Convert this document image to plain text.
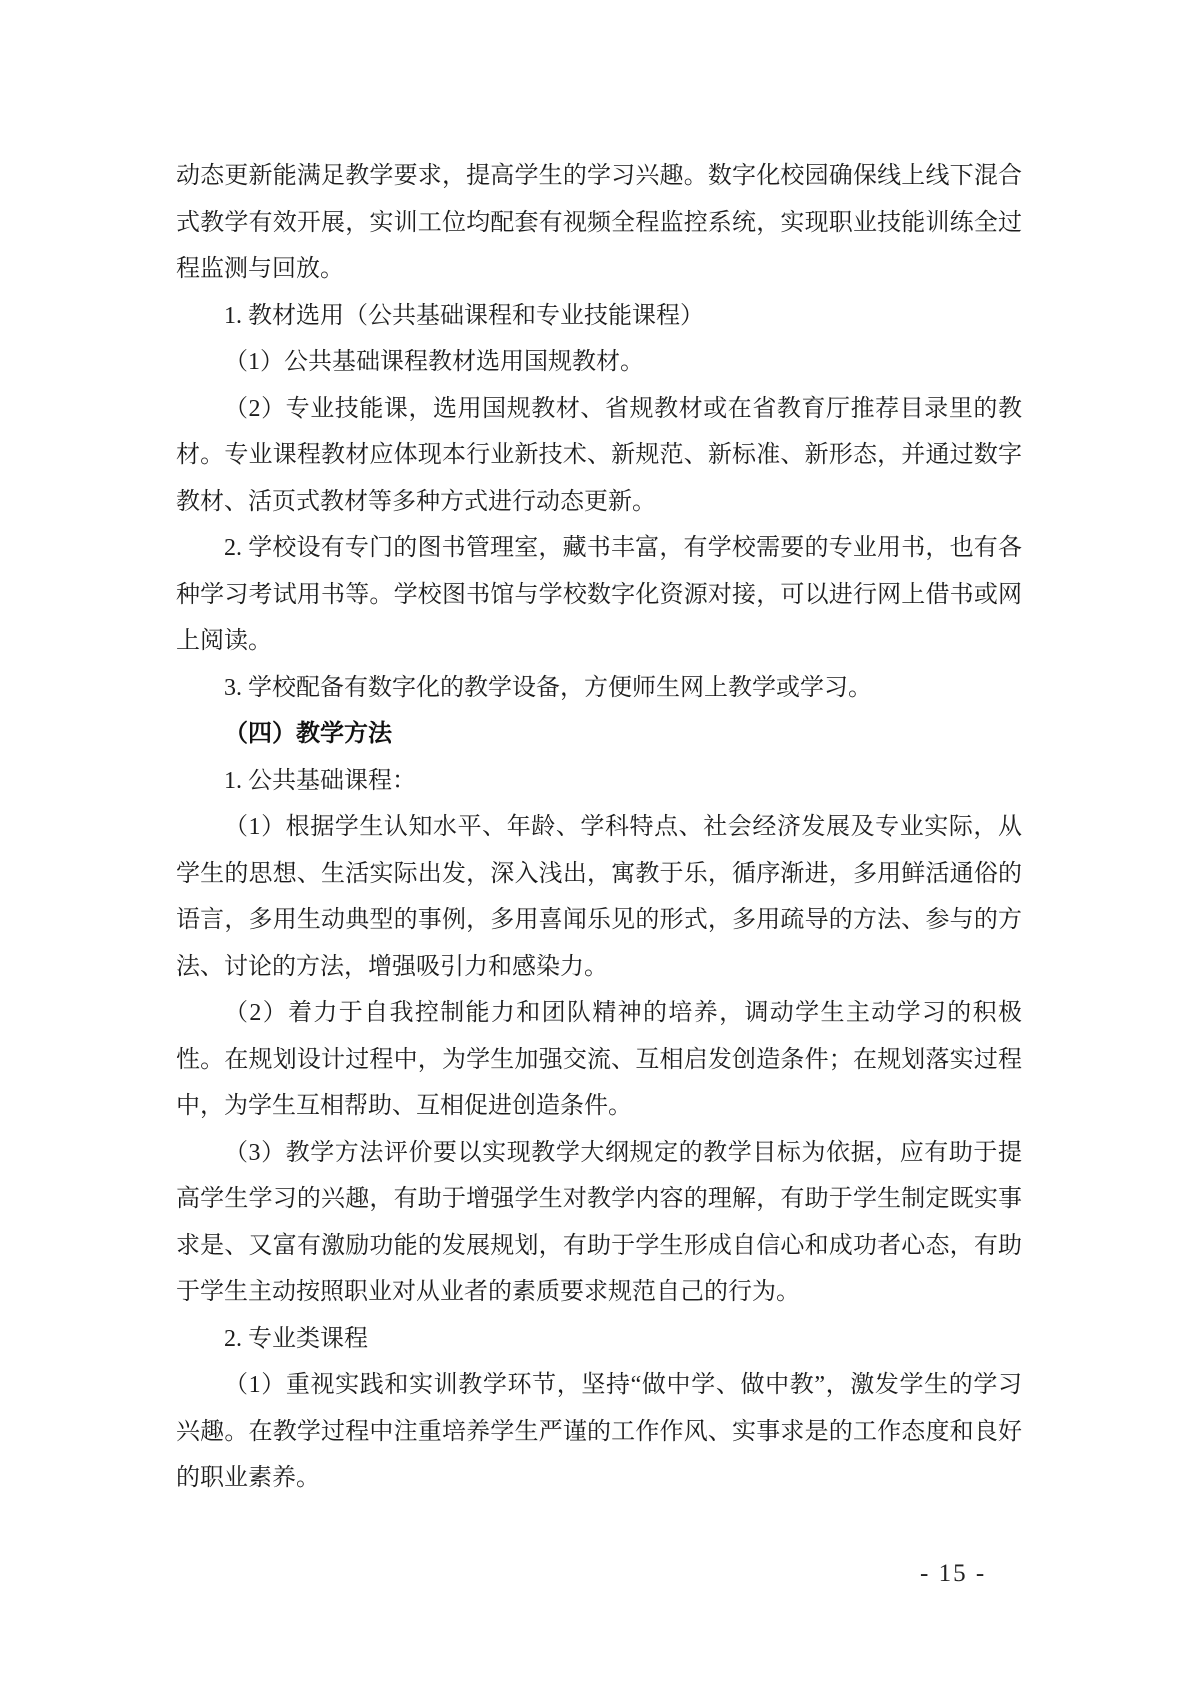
动态更新能满足教学要求，提高学生的学习兴趣。数字化校园确保线上线下混合式教学有效开展，实训工位均配套有视频全程监控系统，实现职业技能训练全过程监测与回放。

1. 教材选用（公共基础课程和专业技能课程）

（1）公共基础课程教材选用国规教材。

（2）专业技能课，选用国规教材、省规教材或在省教育厅推荐目录里的教材。专业课程教材应体现本行业新技术、新规范、新标准、新形态，并通过数字教材、活页式教材等多种方式进行动态更新。

2. 学校设有专门的图书管理室，藏书丰富，有学校需要的专业用书，也有各种学习考试用书等。学校图书馆与学校数字化资源对接，可以进行网上借书或网上阅读。

3. 学校配备有数字化的教学设备，方便师生网上教学或学习。

（四）教学方法

1. 公共基础课程：

（1）根据学生认知水平、年龄、学科特点、社会经济发展及专业实际，从学生的思想、生活实际出发，深入浅出，寓教于乐，循序渐进，多用鲜活通俗的语言，多用生动典型的事例，多用喜闻乐见的形式，多用疏导的方法、参与的方法、讨论的方法，增强吸引力和感染力。

（2）着力于自我控制能力和团队精神的培养，调动学生主动学习的积极性。在规划设计过程中，为学生加强交流、互相启发创造条件；在规划落实过程中，为学生互相帮助、互相促进创造条件。

（3）教学方法评价要以实现教学大纲规定的教学目标为依据，应有助于提高学生学习的兴趣，有助于增强学生对教学内容的理解，有助于学生制定既实事求是、又富有激励功能的发展规划，有助于学生形成自信心和成功者心态，有助于学生主动按照职业对从业者的素质要求规范自己的行为。

2. 专业类课程

（1）重视实践和实训教学环节，坚持“做中学、做中教”，激发学生的学习兴趣。在教学过程中注重培养学生严谨的工作作风、实事求是的工作态度和良好的职业素养。

- 15 -
